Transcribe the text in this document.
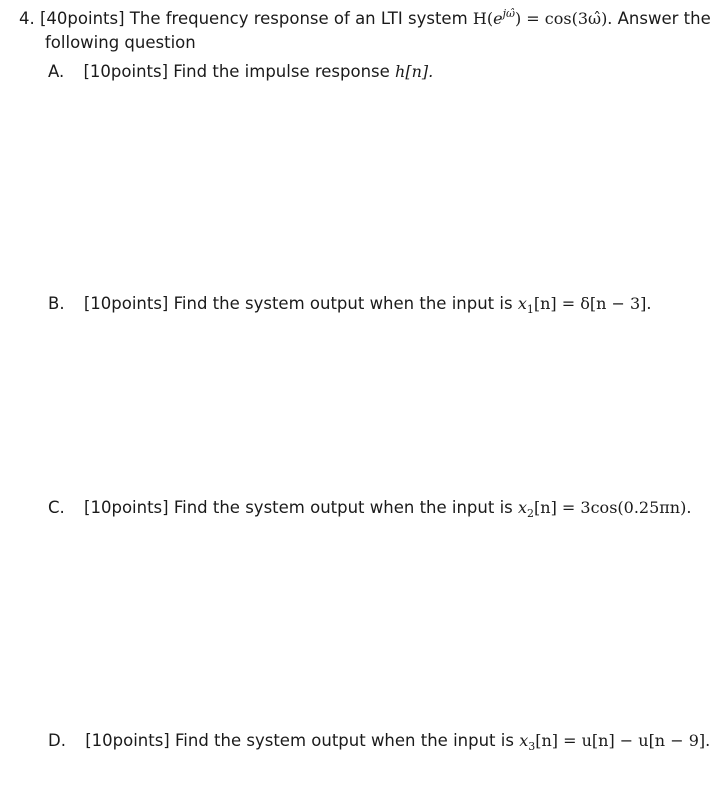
4. [40points] The frequency response of an LTI system $H(e^{j\omegâ})$ = cos(3ω̂). Answer the
following question
A. [10points] Find the impulse response h[n].
B. [10points] Find the system output when the input is $x_1[n] = \delta[n - 3]$.
C. [10points] Find the system output when the input is $x_2[n] = 3\cos(0.25\pi n)$.
D. [10points] Find the system output when the input is $x_3[n] = u[n] - u[n - 9]$.
